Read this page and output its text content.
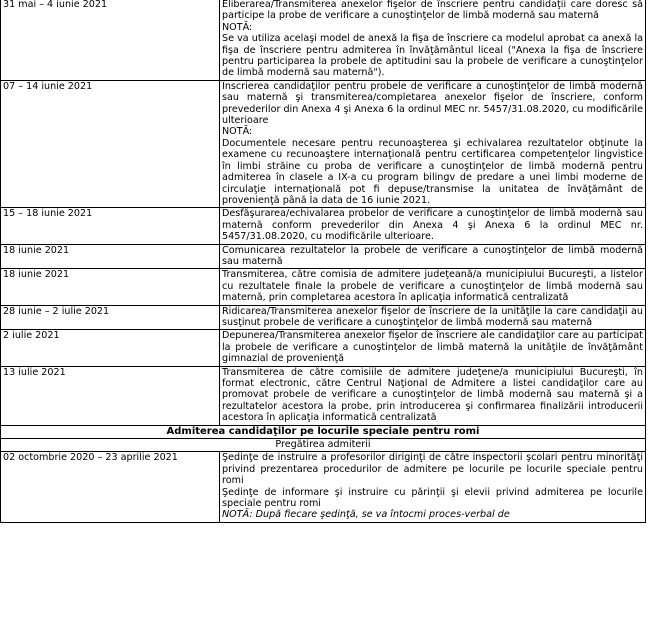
31 mai – 4 iunie 2021	Eliberarea/Transmiterea anexelor fişelor de înscriere pentru candidaţii care doresc să participe la probe de verificare a cunoştinţelor de limbă modernă sau maternă

NOTĂ:

Se va utiliza acelaşi model de anexă la fişa de înscriere ca modelul aprobat ca anexă la fişa de înscriere pentru admiterea în învăţământul liceal ("Anexa la fişa de înscriere pentru participarea la probele de aptitudini sau la probele de verificare a cunoştinţelor de limbă modernă sau maternă").

07 – 14 iunie 2021	Înscrierea candidaţilor pentru probele de verificare a cunoştinţelor de limbă modernă sau maternă şi transmiterea/completarea anexelor fişelor de înscriere, conform prevederilor din Anexa 4 şi Anexa 6 la ordinul MEC nr. 5457/31.08.2020, cu modificările ulterioare

NOTĂ:

Documentele necesare pentru recunoaşterea şi echivalarea rezultatelor obţinute la examene cu recunoaştere internaţională pentru certificarea competenţelor lingvistice în limbi străine cu proba de verificare a cunoştinţelor de limbă modernă pentru admiterea în clasele a IX-a cu program bilingv de predare a unei limbi moderne de circulaţie internaţională pot fi depuse/transmise la unitatea de învăţământ de provenienţă până la data de 16 iunie 2021.

15 – 18 iunie 2021	Desfăşurarea/echivalarea probelor de verificare a cunoştinţelor de limbă modernă sau maternă conform prevederilor din Anexa 4 şi Anexa 6 la ordinul MEC nr. 5457/31.08.2020, cu modificările ulterioare.

18 iunie 2021	Comunicarea rezultatelor la probele de verificare a cunoştinţelor de limbă modernă sau maternă

18 iunie 2021	Transmiterea, către comisia de admitere judeţeană/a municipiului Bucureşti, a listelor cu rezultatele finale la probele de verificare a cunoştinţelor de limbă modernă sau maternă, prin completarea acestora în aplicaţia informatică centralizată

28 iunie – 2 iulie 2021	Ridicarea/Transmiterea anexelor fişelor de înscriere de la unităţile la care candidaţii au susţinut probele de verificare a cunoştinţelor de limbă modernă sau maternă

2 iulie 2021	Depunerea/Transmiterea anexelor fişelor de înscriere ale candidaţilor care au participat la probele de verificare a cunoştinţelor de limbă maternă la unităţile de învăţământ gimnazial de provenienţă

13 iulie 2021	Transmiterea de către comisiile de admitere judeţene/a municipiului Bucureşti, în format electronic, către Centrul Naţional de Admitere a listei candidaţilor care au promovat probele de verificare a cunoştinţelor de limbă modernă sau maternă şi a rezultatelor acestora la probe, prin introducerea şi confirmarea finalizării introducerii acestora în aplicaţia informatică centralizată

Admiterea candidaţilor pe locurile speciale pentru romi	
Pregătirea admiterii	
02 octombrie 2020 – 23 aprilie 2021	Şedinţe de instruire a profesorilor diriginţi de către inspectorii şcolari pentru minorităţi privind prezentarea procedurilor de admitere pe locurile pe locurile speciale pentru romi

Şedinţe de informare şi instruire cu părinţii şi elevii privind admiterea pe locurile speciale pentru romi

NOTĂ: După fiecare şedinţă, se va întocmi proces-verbal de
